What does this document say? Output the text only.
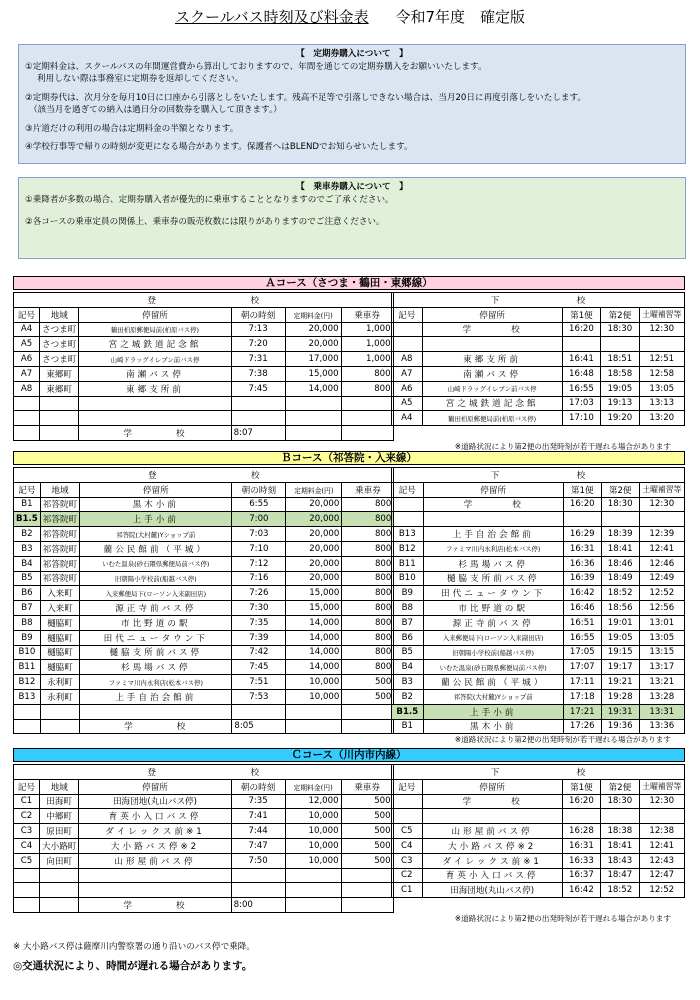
スクールバス時刻及び料金表 令和7年度　確定版
【　定期券購入について　】
①定期料金は、スクールバスの年間運営費から算出しておりますので、年間を通じての定期券購入をお願いいたします。
利用しない際は事務室に定期券を返却してください。
②定期券代は、次月分を毎月10日に口座から引落としをいたします。残高不足等で引落しできない場合は、当月20日に再度引落しをいたします。
（該当月を過ぎての納入は過日分の回数券を購入して頂きます。）
③片道だけの利用の場合は定期料金の半額となります。
④学校行事等で帰りの時刻が変更になる場合があります。保護者へはBLENDでお知らせいたします。
【　乗車券購入について　】
①乗降者が多数の場合、定期券購入者が優先的に乗車することとなりますのでご了承ください。
②各コースの乗車定員の関係上、乗車券の販売枚数には限りがありますのでご注意ください。
Ａコース（さつま・鶴田・東郷線）
登　　　　　　　　　　　校					
記号	地域	停留所	朝の時刻	定期料金(円)	乗車券
A4	さつま町	鶴田柏原郵便局前(柏原バス停)	7:13	20,000	1,000
A5	さつま町	宮之城鉄道記念館	7:20	20,000	1,000
A6	さつま町	山崎ドラッグイレブン前バス停	7:31	17,000	1,000
A7	東郷町	南瀬バス停	7:38	15,000	800
A8	東郷町	東郷支所前	7:45	14,000	800

		学校	8:07		
下　　　　　　　　　校				
記号	停留所	第1便	第2便	土曜補習等
	学校	16:20	18:30	12:30

A8	東郷支所前	16:41	18:51	12:51
A7	南瀬バス停	16:48	18:58	12:58
A6	山崎ドラッグイレブン前バス停	16:55	19:05	13:05
A5	宮之城鉄道記念館	17:03	19:13	13:13
A4	鶴田柏原郵便局前(柏原バス停)	17:10	19:20	13:20
※道路状況により第2便の出発時刻が若干遅れる場合があります
Ｂコース（祁答院・入来線）
登　　　　　　　　　　　校					
記号	地域	停留所	朝の時刻	定期料金(円)	乗車券
B1	祁答院町	黒木小前	6:55	20,000	800
B1.5	祁答院町	上手小前	7:00	20,000	800
B2	祁答院町	祁答院(大村麓)Yショップ前	7:03	20,000	800
B3	祁答院町	藺公民館前（平城）	7:10	20,000	800
B4	祁答院町	いむた温泉(砂石隈県郵便局前バス停)	7:12	20,000	800
B5	祁答院町	旧朝陽小学校前(船越バス停)	7:16	20,000	800
B6	入来町	入来郵便局下(ローソン入来副田店)	7:26	15,000	800
B7	入来町	源正寺前バス停	7:30	15,000	800
B8	樋脇町	市比野道の駅	7:35	14,000	800
B9	樋脇町	田代ニュータウン下	7:39	14,000	800
B10	樋脇町	樋脇支所前バス停	7:42	14,000	800
B11	樋脇町	杉馬場バス停	7:45	14,000	800
B12	永利町	ファミマ川内永利店(松本バス停)	7:51	10,000	500
B13	永利町	上手自治会館前	7:53	10,000	500

		学校	8:05		
下　　　　　　　　　校				
記号	停留所	第1便	第2便	土曜補習等
	学校	16:20	18:30	12:30

B13	上手自治会館前	16:29	18:39	12:39
B12	ファミマ川内永利店(松本バス停)	16:31	18:41	12:41
B11	杉馬場バス停	16:36	18:46	12:46
B10	樋脇支所前バス停	16:39	18:49	12:49
B9	田代ニュータウン下	16:42	18:52	12:52
B8	市比野道の駅	16:46	18:56	12:56
B7	源正寺前バス停	16:51	19:01	13:01
B6	入来郵便局下(ローソン入来副田店)	16:55	19:05	13:05
B5	旧朝陽小学校前(船越バス停)	17:05	19:15	13:15
B4	いむた温泉(砂石隈県郵便局前バス停)	17:07	19:17	13:17
B3	藺公民館前（平城）	17:11	19:21	13:21
B2	祁答院(大村麓)Yショップ前	17:18	19:28	13:28
B1.5	上手小前	17:21	19:31	13:31
B1	黒木小前	17:26	19:36	13:36
※道路状況により第2便の出発時刻が若干遅れる場合があります
Ｃコース（川内市内線）
登　　　　　　　　　　　校					
記号	地域	停留所	朝の時刻	定期料金(円)	乗車券
C1	田海町	田海団地(丸山バス停)	7:35	12,000	500
C2	中郷町	育英小入口バス停	7:41	10,000	500
C3	原田町	ダイレックス前※1	7:44	10,000	500
C4	大小路町	大小路バス停※2	7:47	10,000	500
C5	向田町	山形屋前バス停	7:50	10,000	500

		学校	8:00		
下　　　　　　　　　校				
記号	停留所	第1便	第2便	土曜補習等
	学校	16:20	18:30	12:30

C5	山形屋前バス停	16:28	18:38	12:38
C4	大小路バス停※2	16:31	18:41	12:41
C3	ダイレックス前※1	16:33	18:43	12:43
C2	育英小入口バス停	16:37	18:47	12:47
C1	田海団地(丸山バス停)	16:42	18:52	12:52
※道路状況により第2便の出発時刻が若干遅れる場合があります
※ 大小路バス停は薩摩川内警察署の通り沿いのバス停で乗降。
◎交通状況により、時間が遅れる場合があります。
